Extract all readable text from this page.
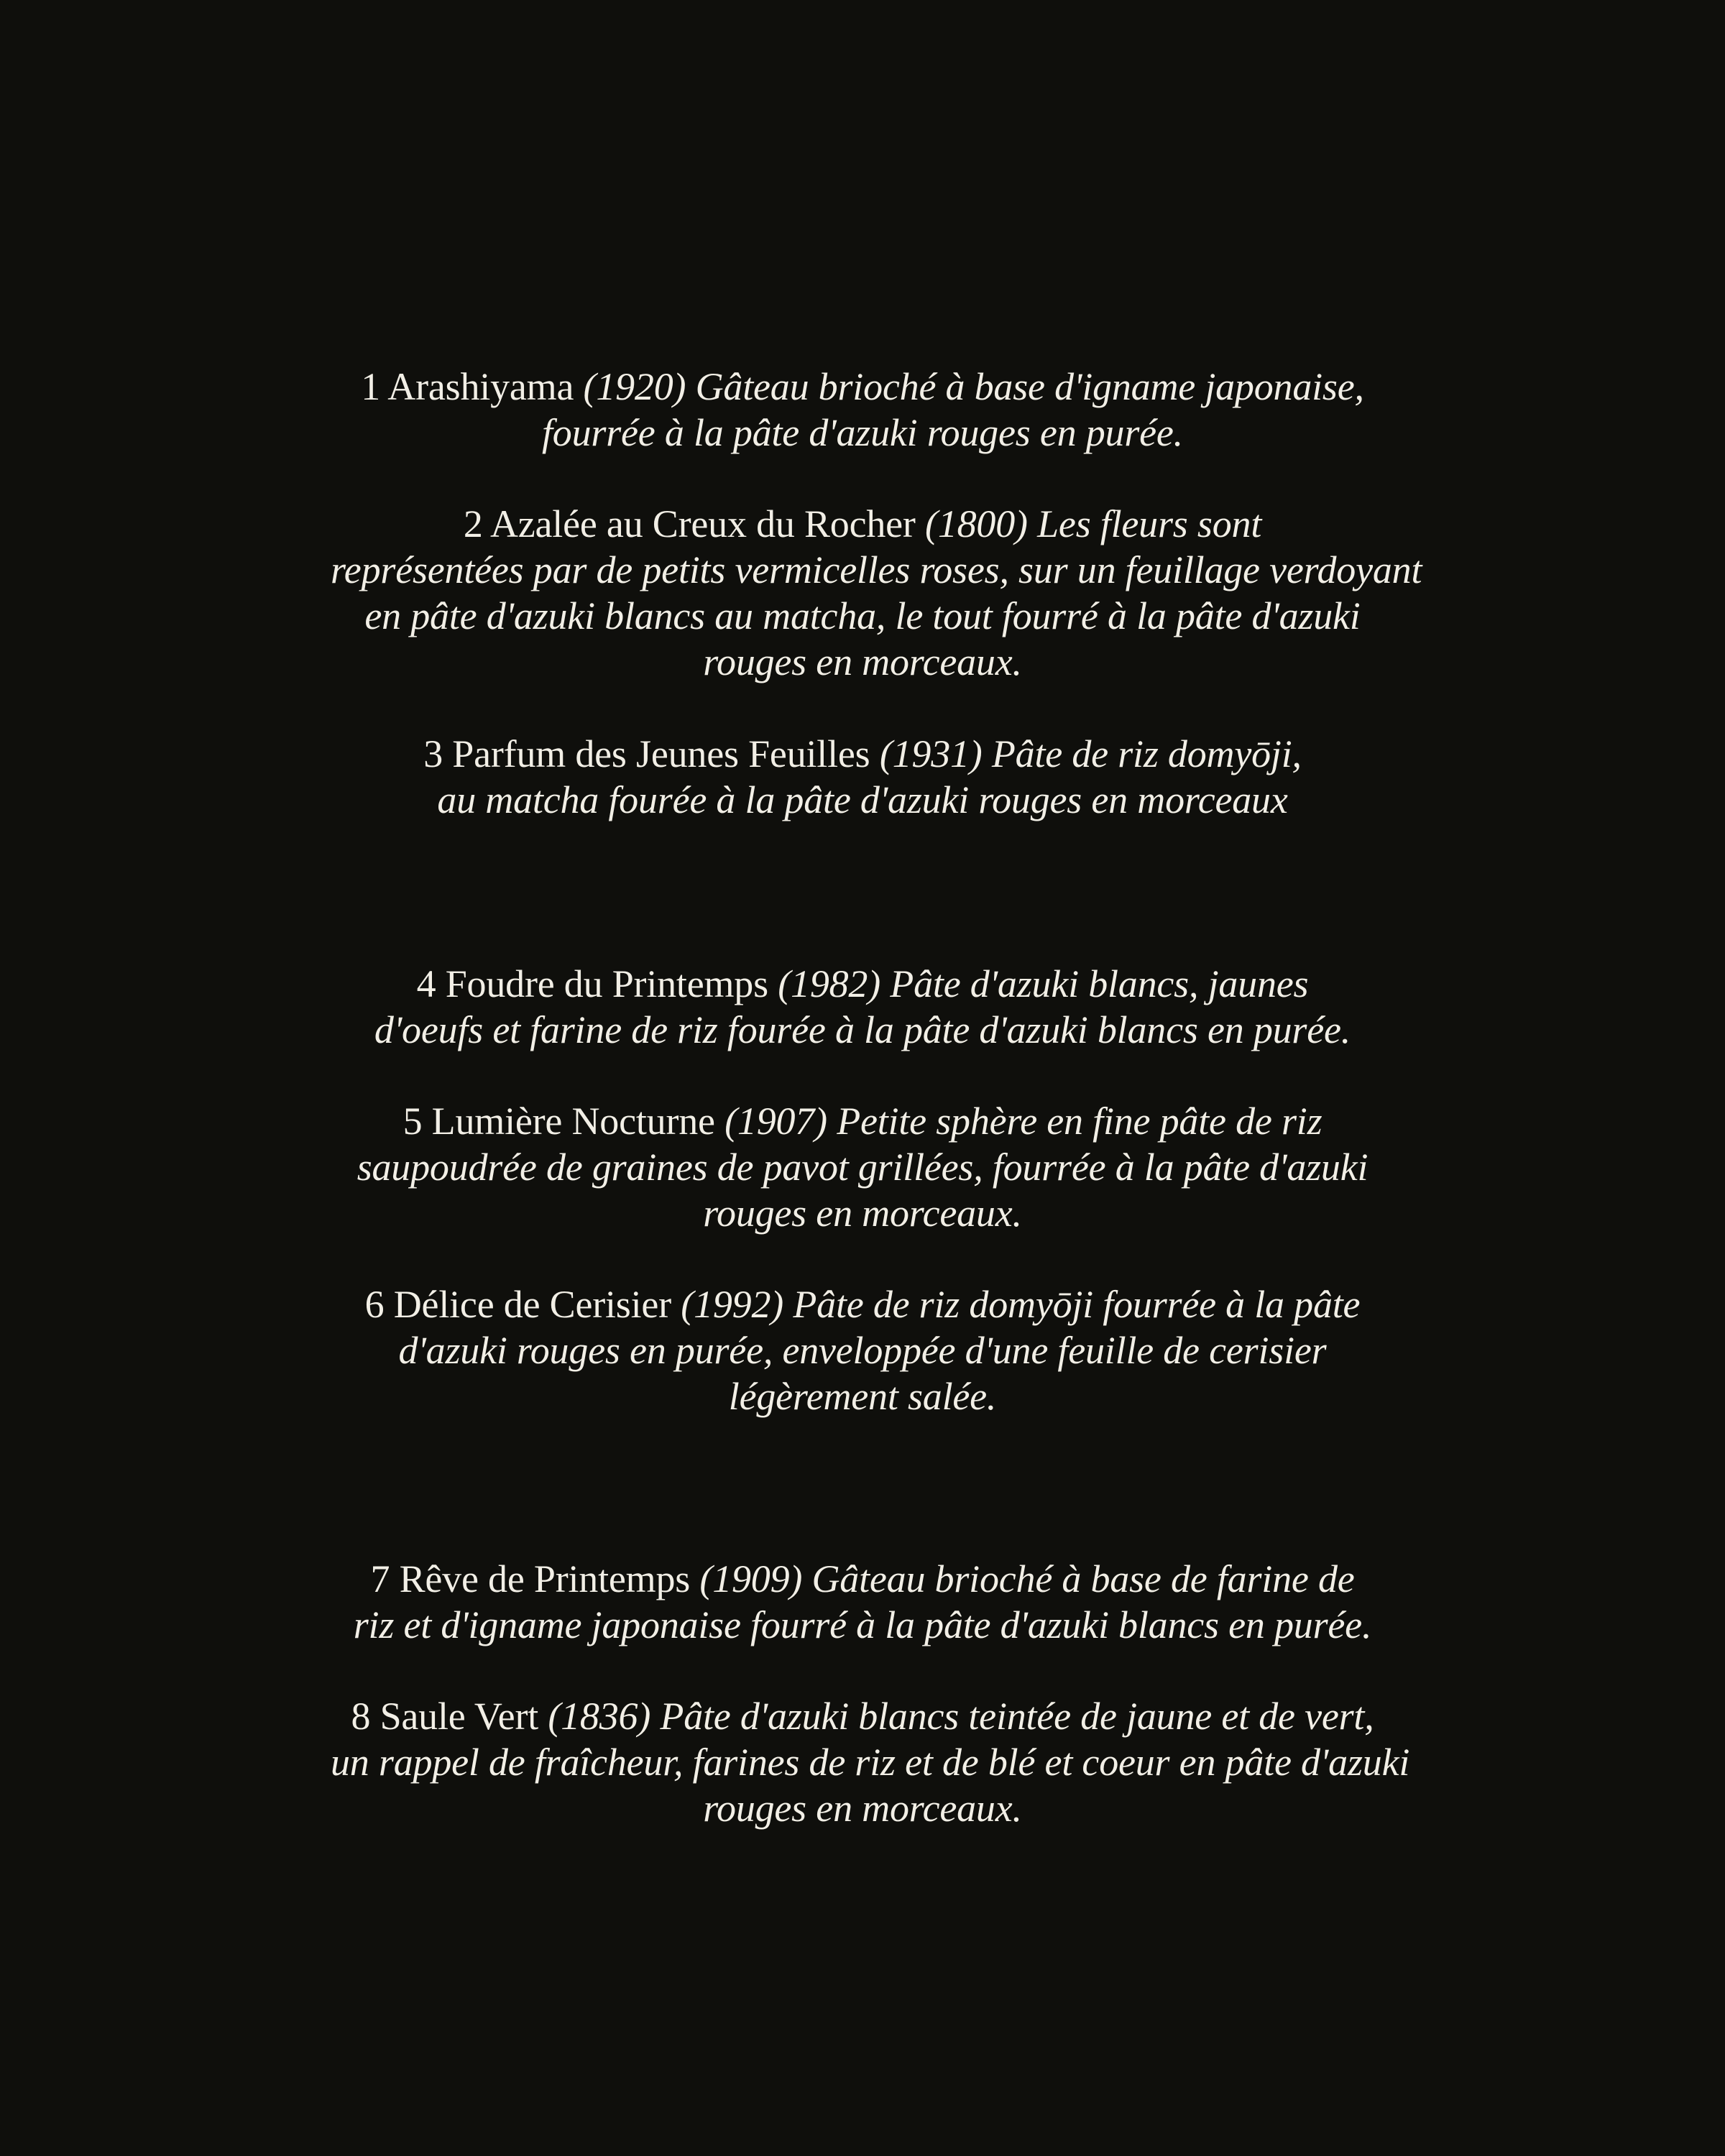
1 Arashiyama (1920) Gâteau brioché à base d'igname japonaise,
fourrée à la pâte d'azuki rouges en purée.
2 Azalée au Creux du Rocher (1800) Les fleurs sont
représentées par de petits vermicelles roses, sur un feuillage verdoyant
en pâte d'azuki blancs au matcha, le tout fourré à la pâte d'azuki
rouges en morceaux.
3 Parfum des Jeunes Feuilles (1931) Pâte de riz domyōji,
au matcha fourée à la pâte d'azuki rouges en morceaux
4 Foudre du Printemps (1982) Pâte d'azuki blancs, jaunes
d'oeufs et farine de riz fourée à la pâte d'azuki blancs en purée.
5 Lumière Nocturne (1907) Petite sphère en fine pâte de riz
saupoudrée de graines de pavot grillées, fourrée à la pâte d'azuki
rouges en morceaux.
6 Délice de Cerisier (1992) Pâte de riz domyōji fourrée à la pâte
d'azuki rouges en purée, enveloppée d'une feuille de cerisier
légèrement salée.
7 Rêve de Printemps (1909) Gâteau brioché à base de farine de
riz et d'igname japonaise fourré à la pâte d'azuki blancs en purée.
8 Saule Vert (1836) Pâte d'azuki blancs teintée de jaune et de vert,
un rappel de fraîcheur, farines de riz et de blé et coeur en pâte d'azuki
rouges en morceaux.
